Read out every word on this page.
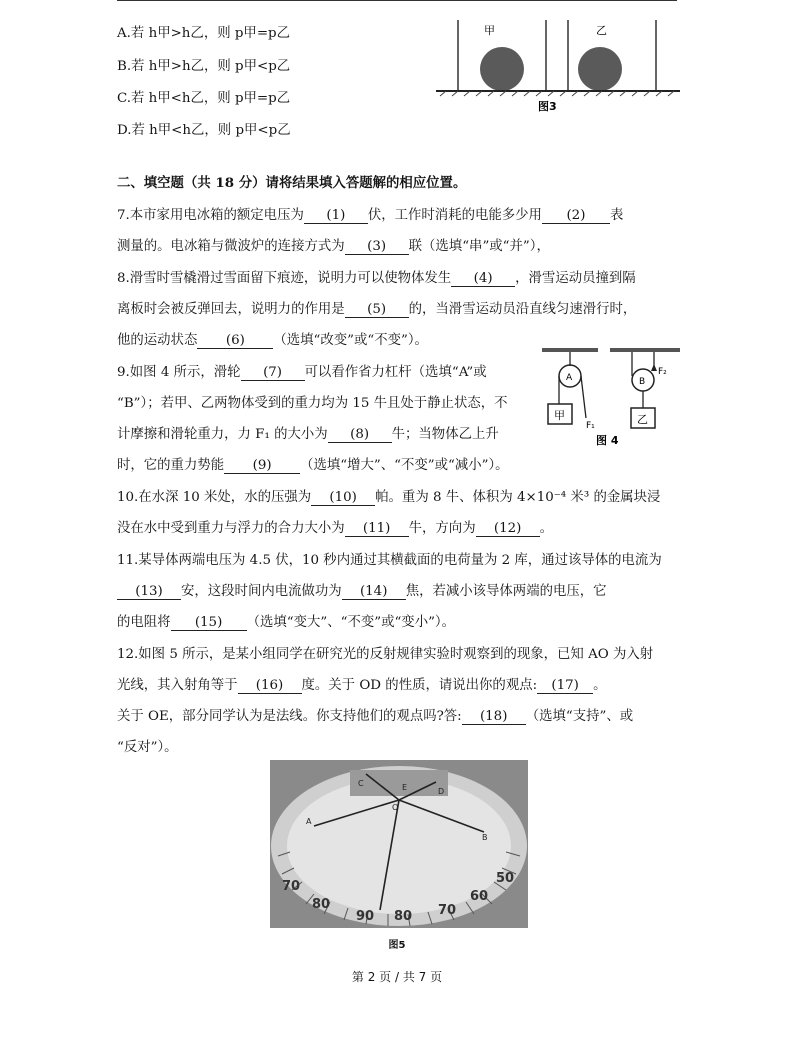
A.若 h甲>h乙，则 p甲=p乙
B.若 h甲>h乙，则 p甲<p乙
C.若 h甲<h乙，则 p甲=p乙
D.若 h甲<h乙，则 p甲<p乙
甲	乙
图3
二、填空题（共 18 分）请将结果填入答题解的相应位置。
7.本市家用电冰箱的额定电压为 (1) 伏，工作时消耗的电能多少用 (2) 表
测量的。电冰箱与微波炉的连接方式为 (3) 联（选填“串”或“并”），
8.滑雪时雪橇滑过雪面留下痕迹，说明力可以使物体发生 (4) ，滑雪运动员撞到隔
离板时会被反弹回去，说明力的作用是 (5) 的，当滑雪运动员沿直线匀速滑行时，
他的运动状态 (6) （选填“改变”或“不变”）。
9.如图 4 所示，滑轮 (7) 可以看作省力杠杆（选填“A”或
“B”）；若甲、乙两物体受到的重力均为 15 牛且处于静止状态，不
计摩擦和滑轮重力，力 F₁ 的大小为 (8) 牛；当物体乙上升
时，它的重力势能 (9) （选填“增大”、“不变”或“减小”）。
甲
A
F₁	乙
B
F₂
图 4
10.在水深 10 米处，水的压强为 (10) 帕。重为 8 牛、体积为 4×10⁻⁴ 米³ 的金属块浸
没在水中受到重力与浮力的合力大小为 (11) 牛，方向为 (12) 。
11.某导体两端电压为 4.5 伏，10 秒内通过其横截面的电荷量为 2 库，通过该导体的电流为
(13) 安，这段时间内电流做功为 (14) 焦，若减小该导体两端的电压，它
的电阻将 (15) （选填“变大”、“不变”或“变小”）。
12.如图 5 所示，是某小组同学在研究光的反射规律实验时观察到的现象，已知 AO 为入射
光线，其入射角等于 (16) 度。关于 OD 的性质，请说出你的观点: (17) 。
关于 OE，部分同学认为是法线。你支持他们的观点吗?答: (18) （选填“支持”、或
“反对”）。
A
B
C
D
E
O
70
80
90 80 70
60
50
图5
第 2 页 / 共 7 页
